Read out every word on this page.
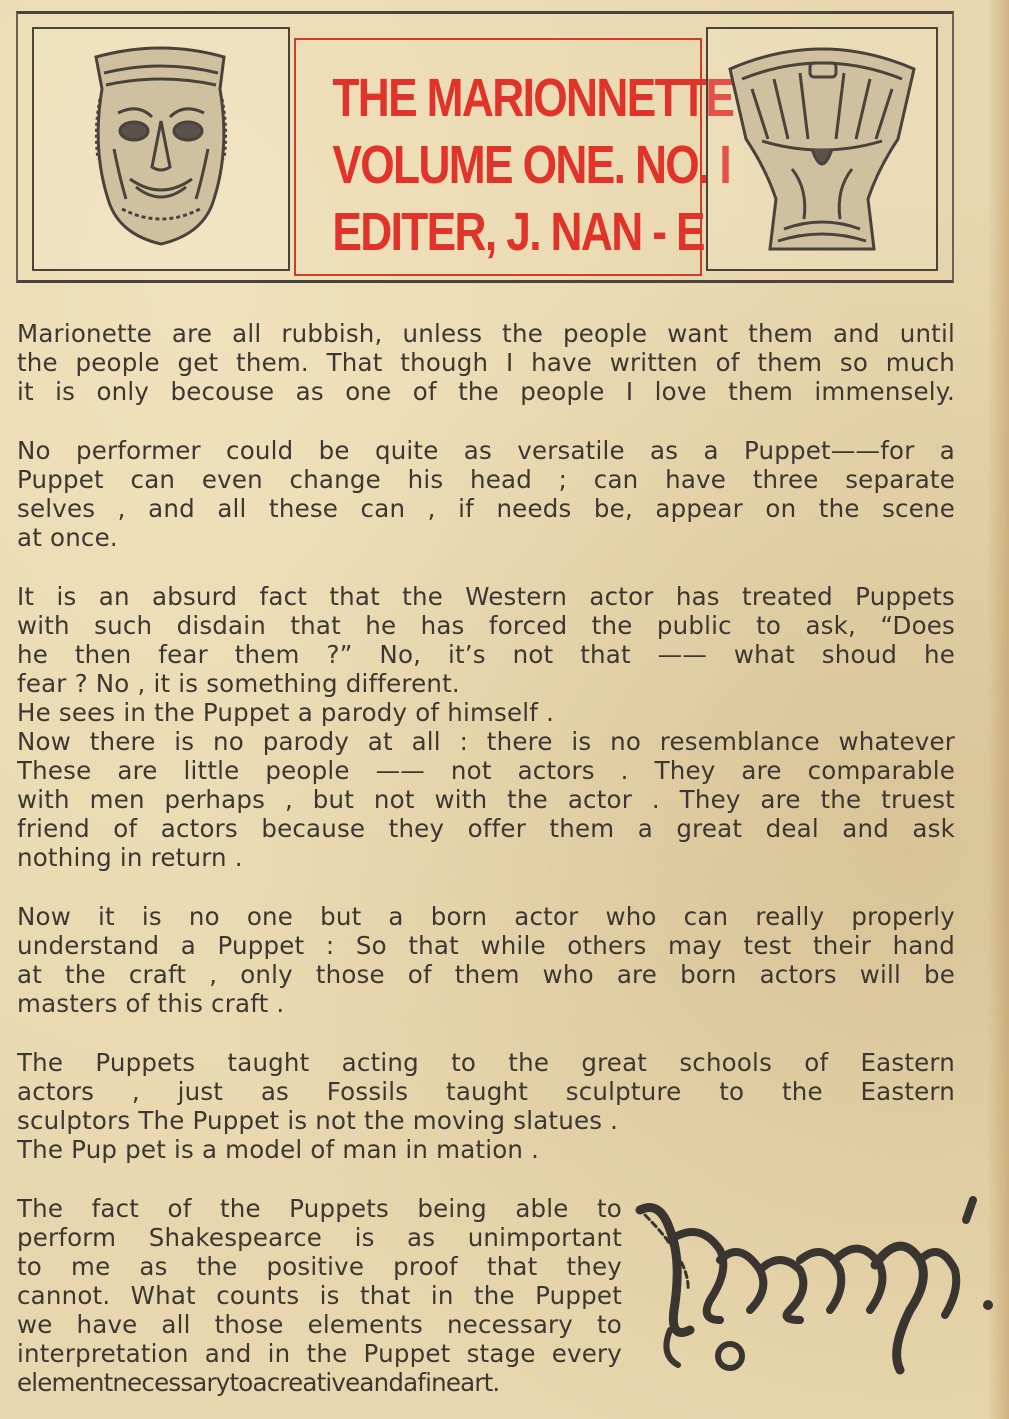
THE MARIONNETTE
VOLUME ONE. NO. I
EDITER, J. NAN - E
Marionette are all rubbish, unless the people want them and until
the people get them. That though I have written of them so much
it is only becouse as one of the people I love them immensely.
No performer could be quite as versatile as a Puppet——for a
Puppet can even change his head ; can have three separate
selves , and all these can , if needs be, appear on the scene
at once.
It is an absurd fact that the Western actor has treated Puppets
with such disdain that he has forced the public to ask, “Does
he then fear them ?” No, it’s not that —— what shoud he
fear ? No , it is something different.
He sees in the Puppet a parody of himself .
Now there is no parody at all : there is no resemblance whatever
These are little people —— not actors . They are comparable
with men perhaps , but not with the actor . They are the truest
friend of actors because they offer them a great deal and ask
nothing in return .
Now it is no one but a born actor who can really properly
understand a Puppet : So that while others may test their hand
at the craft , only those of them who are born actors will be
masters of this craft .
The Puppets taught acting to the great schools of Eastern
actors , just as Fossils taught sculpture to the Eastern
sculptors The Puppet is not the moving slatues .
The Pup pet is a model of man in mation .
The fact of the Puppets being able to
perform Shakespearce is as unimportant
to me as the positive proof that they
cannot. What counts is that in the Puppet
we have all those elements necessary to
interpretation and in the Puppet stage every
elementnecessarytoacreativeandafineart.
